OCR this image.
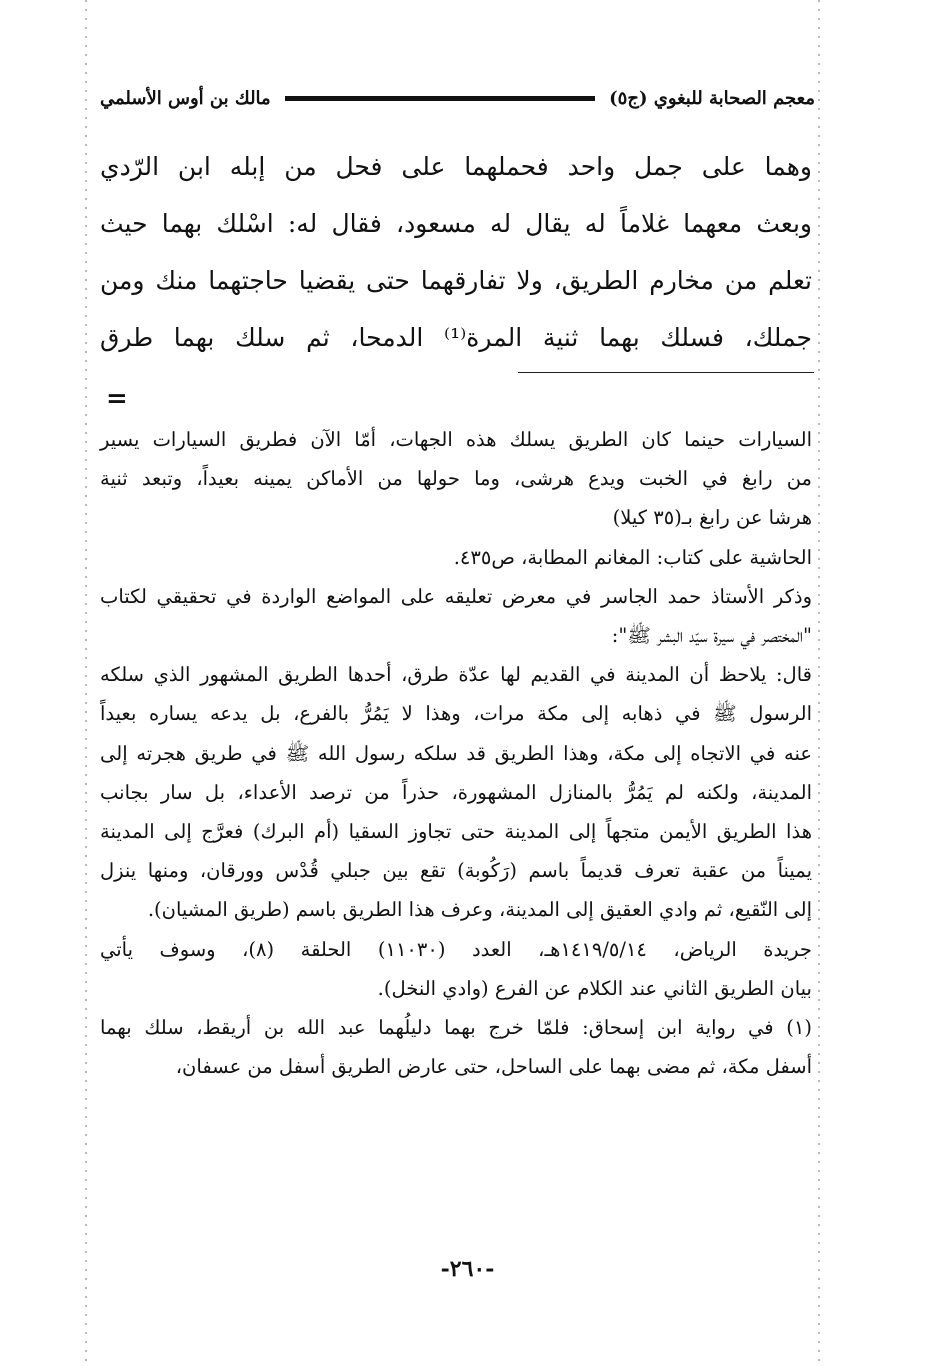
معجم الصحابة للبغوي (ج٥)
مالك بن أوس الأسلمي

وهما على جمل واحد فحملهما على فحل من إبله ابن الرّدي

وبعث معهما غلاماً له يقال له مسعود، فقال له: اسْلك بهما حيث

تعلم من مخارم الطريق، ولا تفارقهما حتى يقضيا حاجتهما منك ومن

جملك، فسلك بهما ثنية المرة⁽¹⁾ الدمحا، ثم سلك بهما طرق

=

السيارات حينما كان الطريق يسلك هذه الجهات، أمّا الآن فطريق السيارات يسير

من رابغ في الخبت ويدع هرشى، وما حولها من الأماكن يمينه بعيداً، وتبعد ثنية

هرشا عن رابغ بـ(٣٥ كيلا)

الحاشية على كتاب: المغانم المطابة، ص٤٣٥.

وذكر الأستاذ حمد الجاسر في معرض تعليقه على المواضع الواردة في تحقيقي لكتاب

"المختصر في سيرة سيّد البشر ﷺ":

قال: يلاحظ أن المدينة في القديم لها عدّة طرق، أحدها الطريق المشهور الذي سلكه

الرسول ﷺ في ذهابه إلى مكة مرات، وهذا لا يَمُرُّ بالفرع، بل يدعه يساره بعيداً

عنه في الاتجاه إلى مكة، وهذا الطريق قد سلكه رسول الله ﷺ في طريق هجرته إلى

المدينة، ولكنه لم يَمُرُّ بالمنازل المشهورة، حذراً من ترصد الأعداء، بل سار بجانب

هذا الطريق الأيمن متجهاً إلى المدينة حتى تجاوز السقيا (أم البرك) فعرَّج إلى المدينة

يميناً من عقبة تعرف قديماً باسم (رَكُوبة) تقع بين جبلي قُدْس وورقان، ومنها ينزل

إلى النّقيع، ثم وادي العقيق إلى المدينة، وعرف هذا الطريق باسم (طريق المشيان).

جريدة الرياض، ١٤١٩/٥/١٤هـ، العدد (١١٠٣٠) الحلقة (٨)، وسوف يأتي

بيان الطريق الثاني عند الكلام عن الفرع (وادي النخل).

(١) في رواية ابن إسحاق: فلمّا خرج بهما دليلُهما عبد الله بن أريقط، سلك بهما

أسفل مكة، ثم مضى بهما على الساحل، حتى عارض الطريق أسفل من عسفان،

-٢٦٠-
